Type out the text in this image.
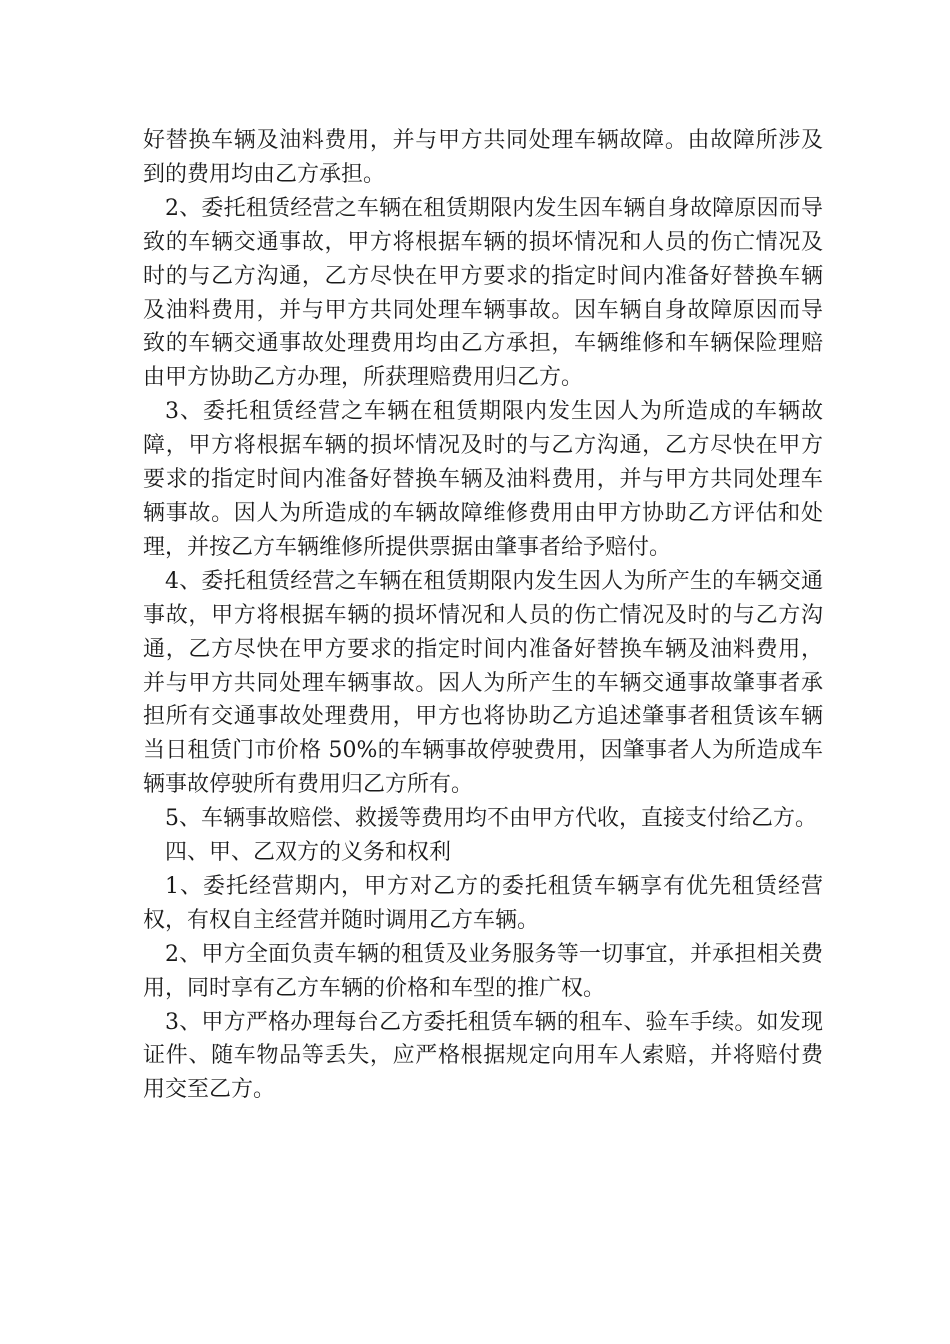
好替换车辆及油料费用，并与甲方共同处理车辆故障。由故障所涉及到的费用均由乙方承担。

2、委托租赁经营之车辆在租赁期限内发生因车辆自身故障原因而导致的车辆交通事故，甲方将根据车辆的损坏情况和人员的伤亡情况及时的与乙方沟通，乙方尽快在甲方要求的指定时间内准备好替换车辆及油料费用，并与甲方共同处理车辆事故。因车辆自身故障原因而导致的车辆交通事故处理费用均由乙方承担，车辆维修和车辆保险理赔由甲方协助乙方办理，所获理赔费用归乙方。

3、委托租赁经营之车辆在租赁期限内发生因人为所造成的车辆故障，甲方将根据车辆的损坏情况及时的与乙方沟通，乙方尽快在甲方要求的指定时间内准备好替换车辆及油料费用，并与甲方共同处理车辆事故。因人为所造成的车辆故障维修费用由甲方协助乙方评估和处理，并按乙方车辆维修所提供票据由肇事者给予赔付。

4、委托租赁经营之车辆在租赁期限内发生因人为所产生的车辆交通事故，甲方将根据车辆的损坏情况和人员的伤亡情况及时的与乙方沟通，乙方尽快在甲方要求的指定时间内准备好替换车辆及油料费用，并与甲方共同处理车辆事故。因人为所产生的车辆交通事故肇事者承担所有交通事故处理费用，甲方也将协助乙方追述肇事者租赁该车辆当日租赁门市价格 50%的车辆事故停驶费用，因肇事者人为所造成车辆事故停驶所有费用归乙方所有。

5、车辆事故赔偿、救援等费用均不由甲方代收，直接支付给乙方。

四、甲、乙双方的义务和权利

1、委托经营期内，甲方对乙方的委托租赁车辆享有优先租赁经营权，有权自主经营并随时调用乙方车辆。

2、甲方全面负责车辆的租赁及业务服务等一切事宜，并承担相关费用，同时享有乙方车辆的价格和车型的推广权。

3、甲方严格办理每台乙方委托租赁车辆的租车、验车手续。如发现证件、随车物品等丢失，应严格根据规定向用车人索赔，并将赔付费用交至乙方。
